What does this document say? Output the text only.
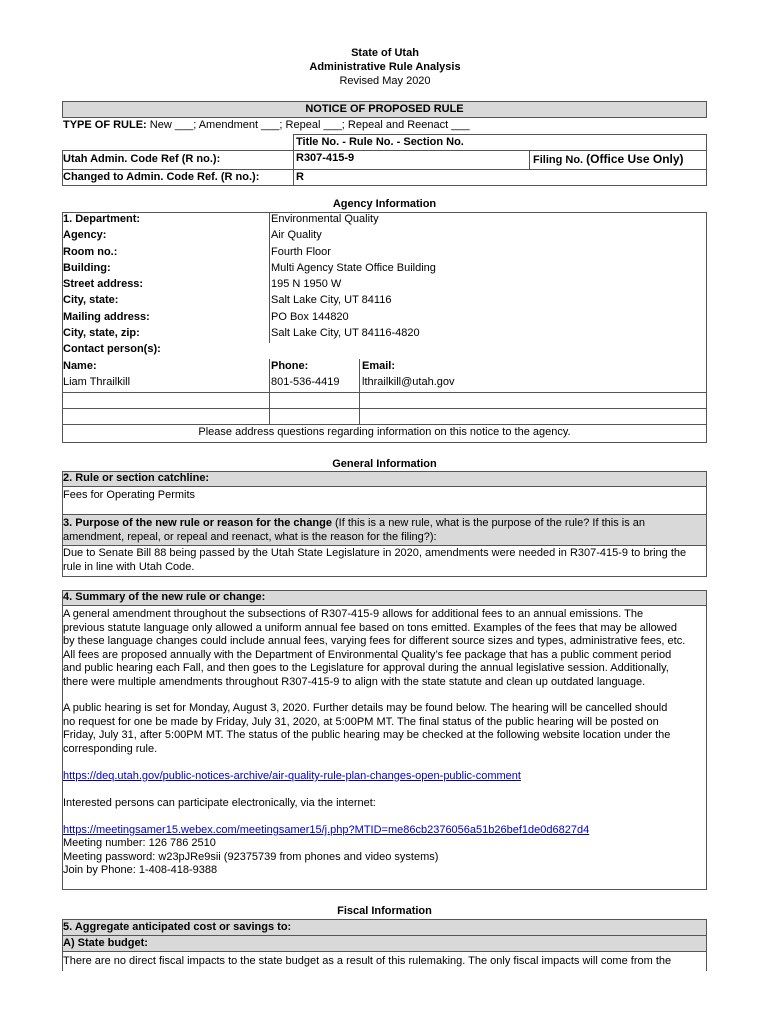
State of Utah
Administrative Rule Analysis
Revised May 2020
NOTICE OF PROPOSED RULE
TYPE OF RULE: New ___; Amendment ___; Repeal ___; Repeal and Reenact ___
Title No. - Rule No. - Section No.
Utah Admin. Code Ref (R no.):	R307-415-9	Filing No. (Office Use Only)
Changed to Admin. Code Ref. (R no.):	R
Agency Information
1. Department:	Environmental Quality
Agency:	Air Quality
Room no.:	Fourth Floor
Building:	Multi Agency State Office Building
Street address:	195 N 1950 W
City, state:	Salt Lake City, UT 84116
Mailing address:	PO Box 144820
City, state, zip:	Salt Lake City, UT 84116-4820
Contact person(s):
Name:	Phone:	Email:
Liam Thrailkill	801-536-4419 lthrailkill@utah.gov
Please address questions regarding information on this notice to the agency.
General Information
2. Rule or section catchline:
Fees for Operating Permits
3. Purpose of the new rule or reason for the change (If this is a new rule, what is the purpose of the rule? If this is an
amendment, repeal, or repeal and reenact, what is the reason for the filing?):
Due to Senate Bill 88 being passed by the Utah State Legislature in 2020, amendments were needed in R307-415-9 to bring the
rule in line with Utah Code.
4. Summary of the new rule or change:
A general amendment throughout the subsections of R307-415-9 allows for additional fees to an annual emissions. The
previous statute language only allowed a uniform annual fee based on tons emitted. Examples of the fees that may be allowed
by these language changes could include annual fees, varying fees for different source sizes and types, administrative fees, etc.
All fees are proposed annually with the Department of Environmental Quality’s fee package that has a public comment period
and public hearing each Fall, and then goes to the Legislature for approval during the annual legislative session. Additionally,
there were multiple amendments throughout R307-415-9 to align with the state statute and clean up outdated language.
A public hearing is set for Monday, August 3, 2020. Further details may be found below. The hearing will be cancelled should
no request for one be made by Friday, July 31, 2020, at 5:00PM MT. The final status of the public hearing will be posted on
Friday, July 31, after 5:00PM MT. The status of the public hearing may be checked at the following website location under the
corresponding rule.
https://deq.utah.gov/public-notices-archive/air-quality-rule-plan-changes-open-public-comment
Interested persons can participate electronically, via the internet:
https://meetingsamer15.webex.com/meetingsamer15/j.php?MTID=me86cb2376056a51b26bef1de0d6827d4
Meeting number: 126 786 2510
Meeting password: w23pJRe9sii (92375739 from phones and video systems)
Join by Phone: 1-408-418-9388
Fiscal Information
5. Aggregate anticipated cost or savings to:
A) State budget:
There are no direct fiscal impacts to the state budget as a result of this rulemaking. The only fiscal impacts will come from the
